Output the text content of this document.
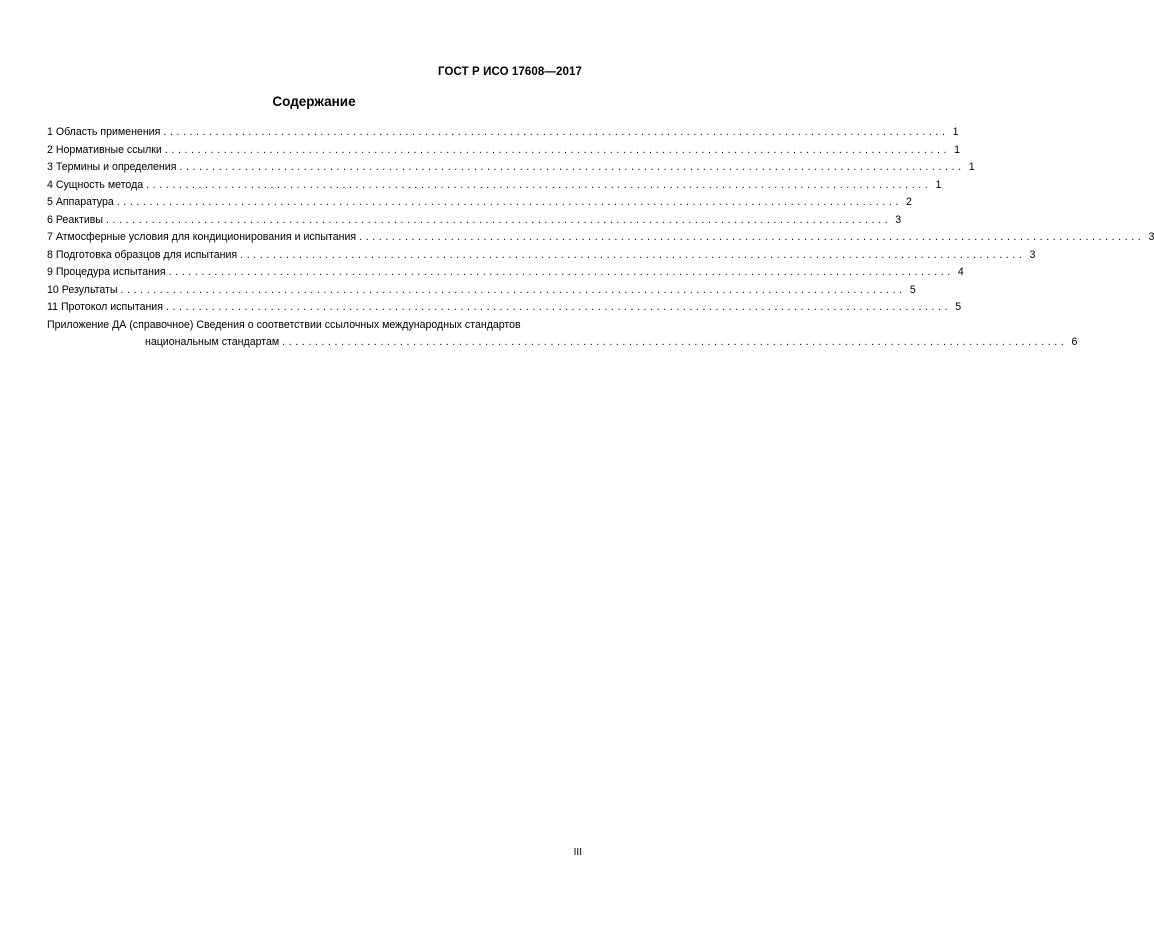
ГОСТ Р ИСО 17608—2017
Содержание
1 Область применения ........................................................................................................................ 1
2 Нормативные ссылки ........................................................................................................................ 1
3 Термины и определения ........................................................................................................................ 1
4 Сущность метода ........................................................................................................................ 1
5 Аппаратура ........................................................................................................................ 2
6 Реактивы ........................................................................................................................ 3
7 Атмосферные условия для кондиционирования и испытания ........................................................................................................................ 3
8 Подготовка образцов для испытания ........................................................................................................................ 3
9 Процедура испытания ........................................................................................................................ 4
10 Результаты ........................................................................................................................ 5
11 Протокол испытания ........................................................................................................................ 5
Приложение ДА (справочное) Сведения о соответствии ссылочных международных стандартов
национальным стандартам ........................................................................................................................ 6
III
